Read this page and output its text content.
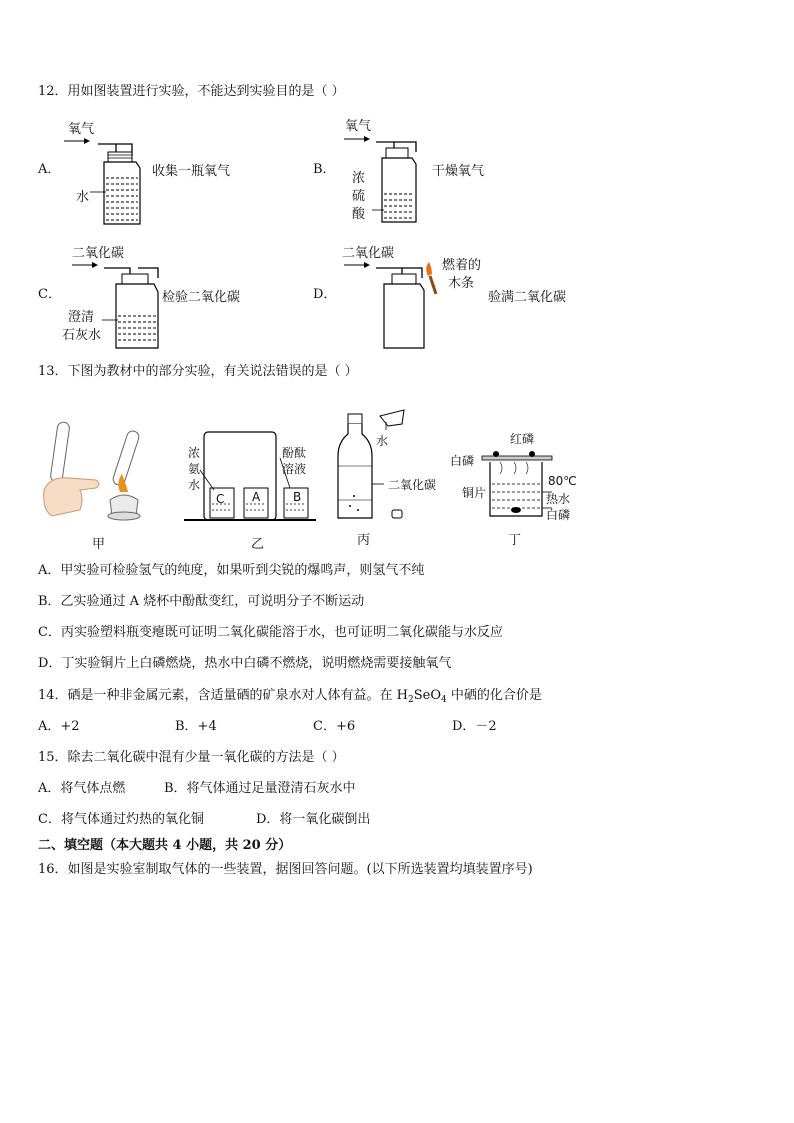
12．用如图装置进行实验，不能达到实验目的是（ ）
A．
氧气
水
收集一瓶氧气	B．
氧气
浓
硫
酸
干燥氧气
C．
二氧化碳
澄清
石灰水
检验二氧化碳	D．
二氧化碳
燃着的
木条
验满二氧化碳
13．下图为教材中的部分实验，有关说法错误的是（ ）
甲
浓
氨
水
酚酞
溶液
C A	B
乙
水
二氧化碳
丙
红磷
白磷
铜片
80℃
热水
白磷
丁
A．甲实验可检验氢气的纯度，如果听到尖锐的爆鸣声，则氢气不纯
B．乙实验通过 A 烧杯中酚酞变红，可说明分子不断运动
C．丙实验塑料瓶变瘪既可证明二氧化碳能溶于水，也可证明二氧化碳能与水反应
D．丁实验铜片上白磷燃烧，热水中白磷不燃烧，说明燃烧需要接触氧气
14．硒是一种非金属元素，含适量硒的矿泉水对人体有益。在 $H_2SeO_4$ 中硒的化合价是
A．+2	B．+4	C．+6	D．－2
15．除去二氧化碳中混有少量一氧化碳的方法是（ ）
A．将气体点燃	B．将气体通过足量澄清石灰水中
C．将气体通过灼热的氧化铜	D．将一氧化碳倒出
二、填空题（本大题共 4 小题，共 20 分）
16．如图是实验室制取气体的一些装置，据图回答问题。(以下所选装置均填装置序号)
